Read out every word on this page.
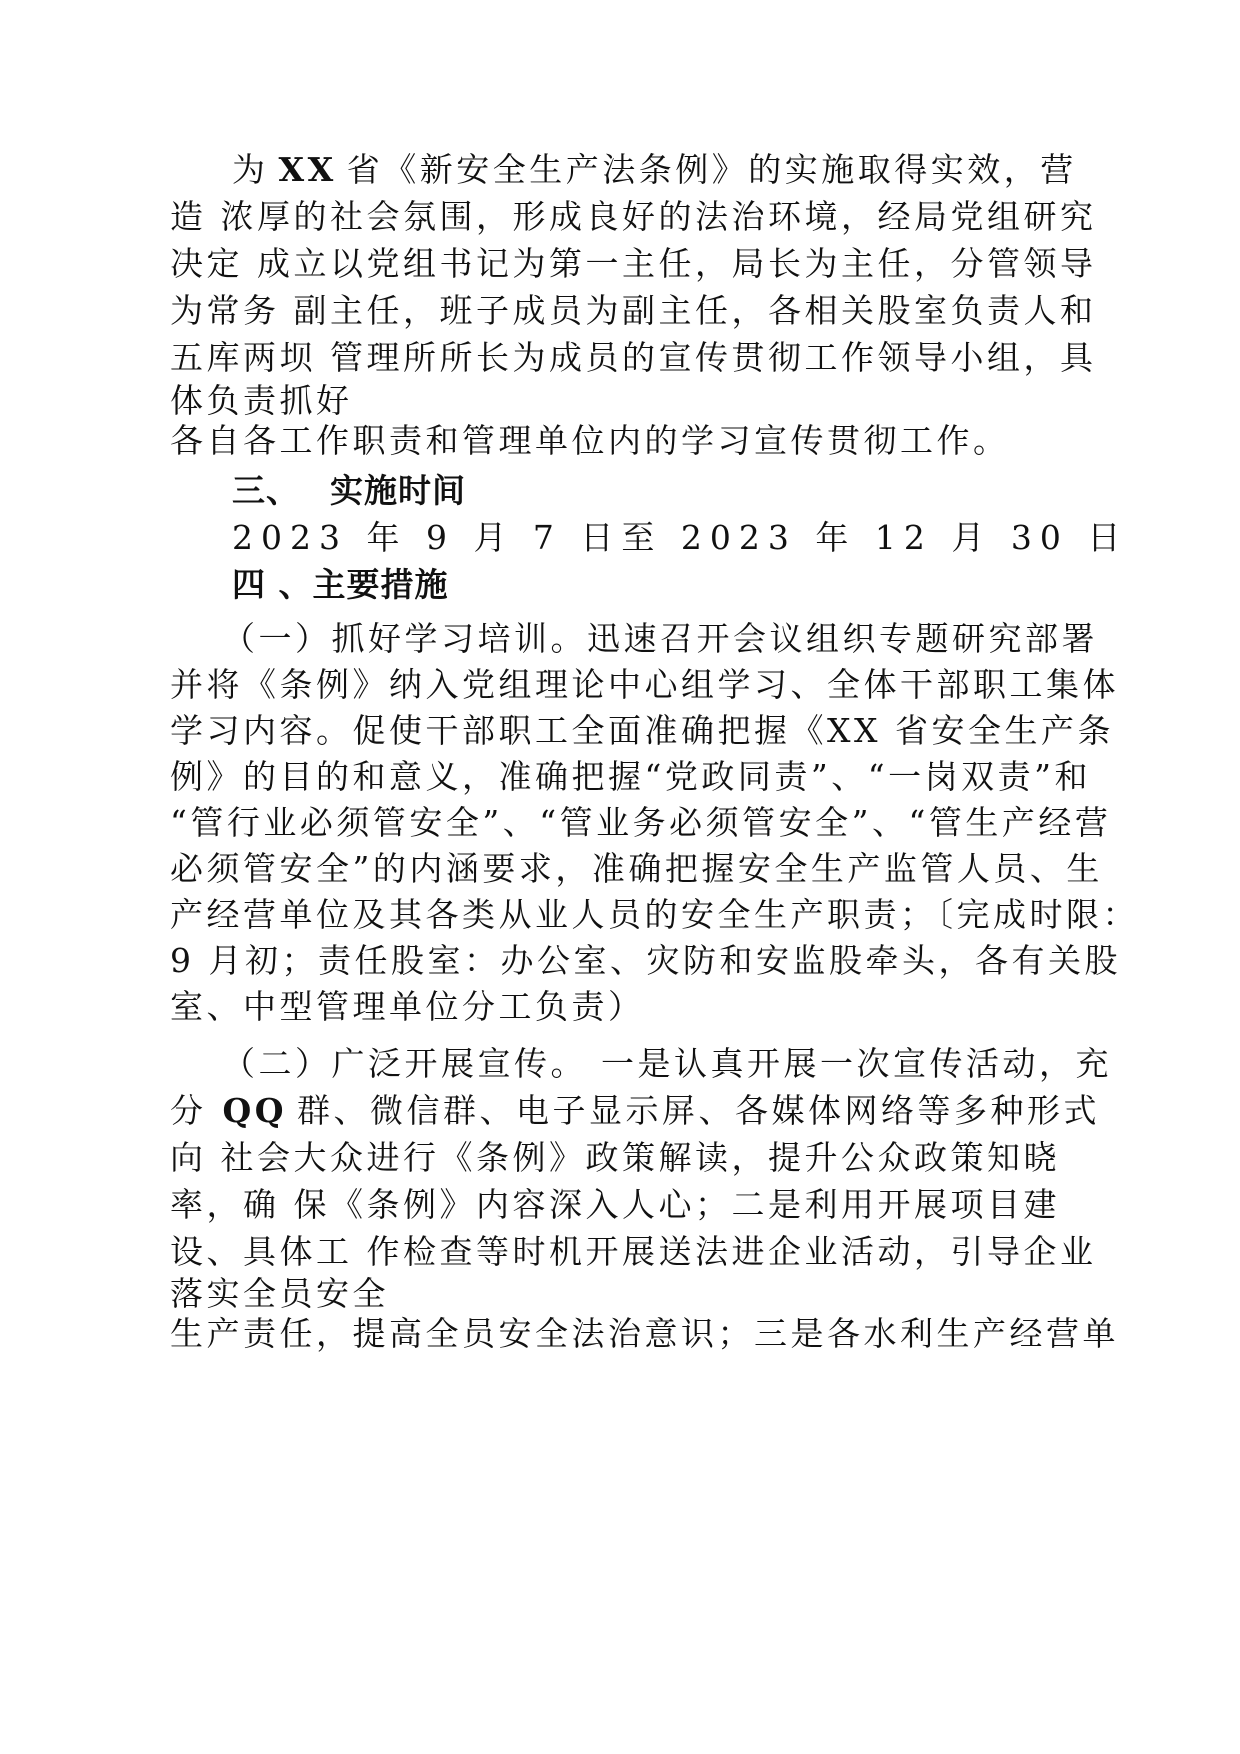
为 XX 省《新安全生产法条例》的实施取得实效，营
造 浓厚的社会氛围，形成良好的法治环境，经局党组研究
决定 成立以党组书记为第一主任，局长为主任，分管领导
为常务 副主任，班子成员为副主任，各相关股室负责人和
五库两坝 管理所所长为成员的宣传贯彻工作领导小组，具
体负责抓好
各自各工作职责和管理单位内的学习宣传贯彻工作。
三、 实施时间
2023 年 9 月 7 日至 2023 年 12 月 30 日
四 、主要措施
（一）抓好学习培训。迅速召开会议组织专题研究部署
并将《条例》纳入党组理论中心组学习、全体干部职工集体
学习内容。促使干部职工全面准确把握《XX 省安全生产条
例》的目的和意义，准确把握“党政同责”、“一岗双责”和
“管行业必须管安全”、“管业务必须管安全”、“管生产经营
必须管安全”的内涵要求，准确把握安全生产监管人员、生
产经营单位及其各类从业人员的安全生产职责；〔完成时限：
9 月初；责任股室：办公室、灾防和安监股牵头，各有关股
室、中型管理单位分工负责）
（二）广泛开展宣传。 一是认真开展一次宣传活动，充
分 QQ 群、微信群、电子显示屏、各媒体网络等多种形式
向 社会大众进行《条例》政策解读，提升公众政策知晓
率，确 保《条例》内容深入人心；二是利用开展项目建
设、具体工 作检查等时机开展送法进企业活动，引导企业
落实全员安全
生产责任，提高全员安全法治意识；三是各水利生产经营单
